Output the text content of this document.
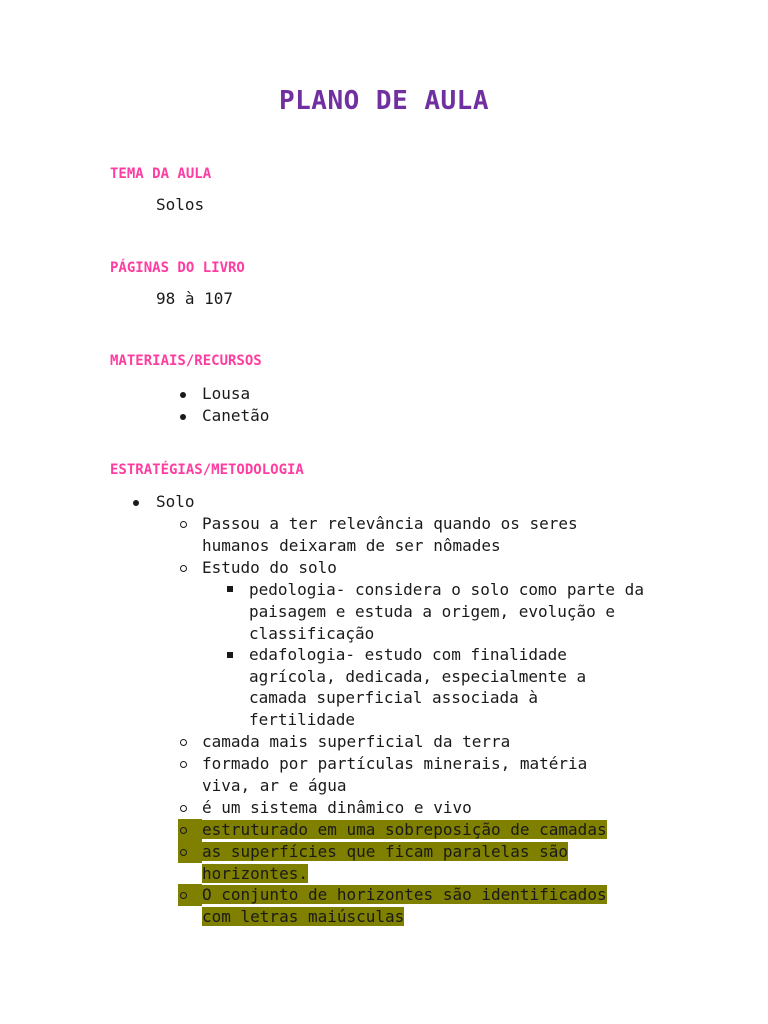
PLANO DE AULA
TEMA DA AULA
Solos
PÁGINAS DO LIVRO
98 à 107
MATERIAIS/RECURSOS
Lousa
Canetão
ESTRATÉGIAS/METODOLOGIA
Solo
Passou a ter relevância quando os seres
humanos deixaram de ser nômades
Estudo do solo
pedologia- considera o solo como parte da
paisagem e estuda a origem, evolução e
classificação
edafologia- estudo com finalidade
agrícola, dedicada, especialmente a
camada superficial associada à
fertilidade
camada mais superficial da terra
formado por partículas minerais, matéria
viva, ar e água
é um sistema dinâmico e vivo
estruturado em uma sobreposição de camadas
as superfícies que ficam paralelas são
horizontes.
O conjunto de horizontes são identificados
com letras maiúsculas
